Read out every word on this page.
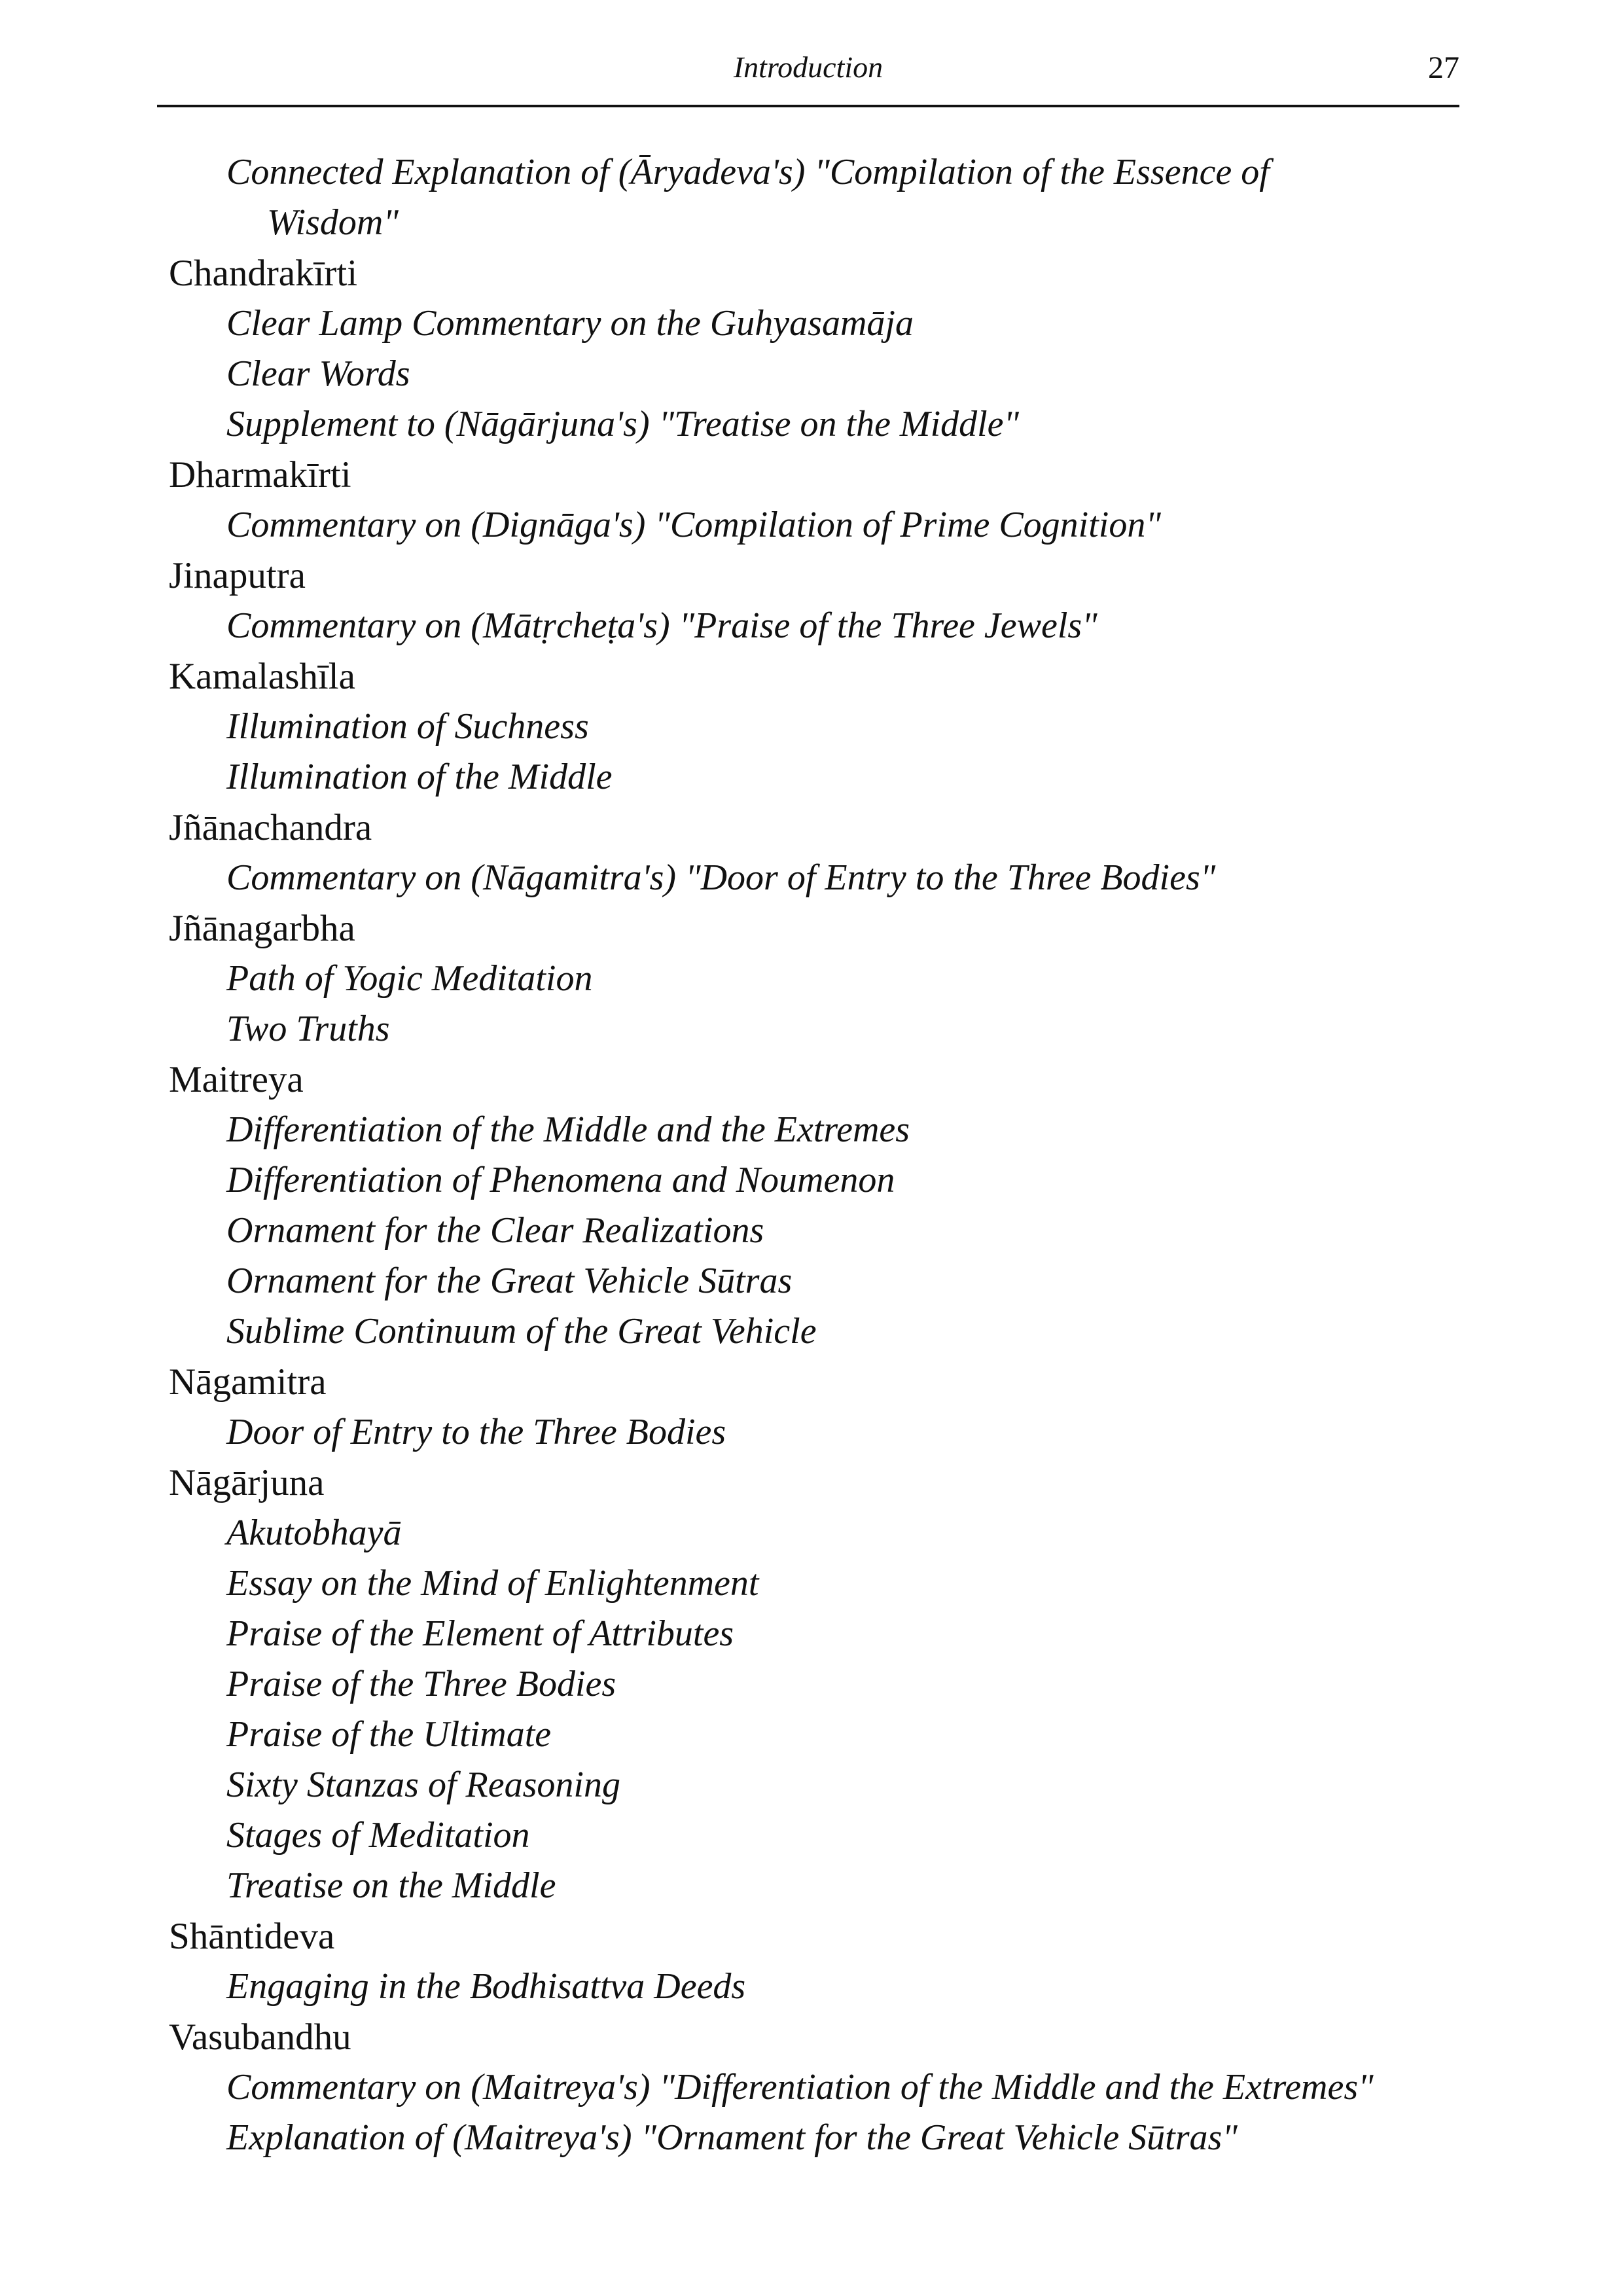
Introduction	27
Connected Explanation of (Āryadeva's) "Compilation of the Essence of Wisdom"
Chandrakīrti
Clear Lamp Commentary on the Guhyasamāja
Clear Words
Supplement to (Nāgārjuna's) "Treatise on the Middle"
Dharmakīrti
Commentary on (Dignāga's) "Compilation of Prime Cognition"
Jinaputra
Commentary on (Mātṛcheṭa's) "Praise of the Three Jewels"
Kamalashīla
Illumination of Suchness
Illumination of the Middle
Jñānachandra
Commentary on (Nāgamitra's) "Door of Entry to the Three Bodies"
Jñānagarbha
Path of Yogic Meditation
Two Truths
Maitreya
Differentiation of the Middle and the Extremes
Differentiation of Phenomena and Noumenon
Ornament for the Clear Realizations
Ornament for the Great Vehicle Sūtras
Sublime Continuum of the Great Vehicle
Nāgamitra
Door of Entry to the Three Bodies
Nāgārjuna
Akutobhayā
Essay on the Mind of Enlightenment
Praise of the Element of Attributes
Praise of the Three Bodies
Praise of the Ultimate
Sixty Stanzas of Reasoning
Stages of Meditation
Treatise on the Middle
Shāntideva
Engaging in the Bodhisattva Deeds
Vasubandhu
Commentary on (Maitreya's) "Differentiation of the Middle and the Extremes"
Explanation of (Maitreya's) "Ornament for the Great Vehicle Sūtras"
